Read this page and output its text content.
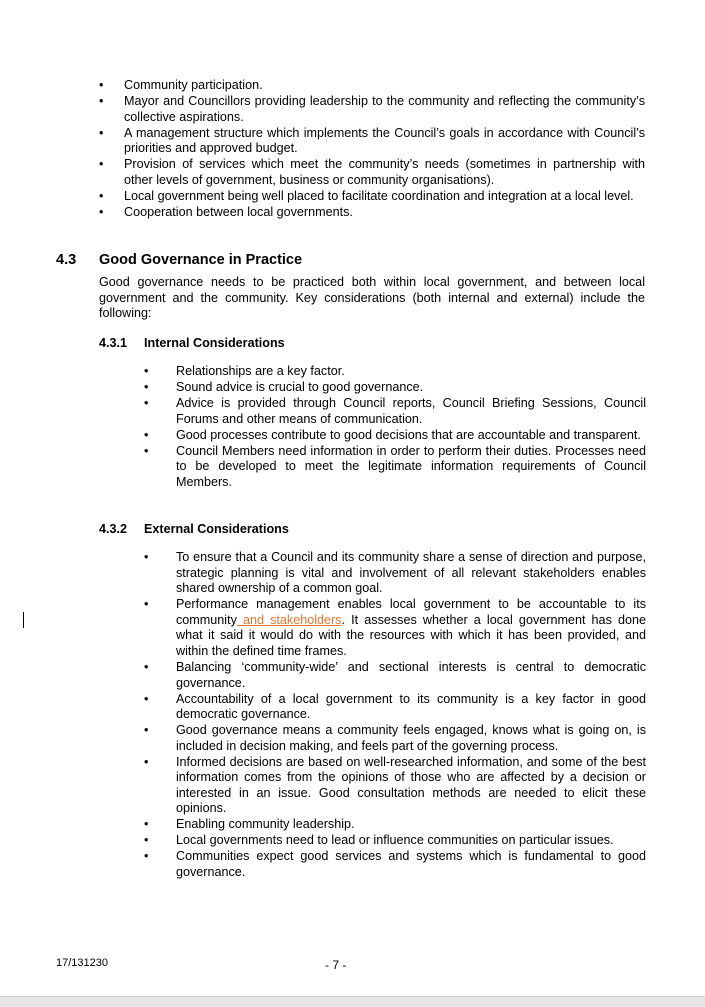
• Community participation.
• Mayor and Councillors providing leadership to the community and reflecting the community’s collective aspirations.
• A management structure which implements the Council’s goals in accordance with Council’s priorities and approved budget.
• Provision of services which meet the community’s needs (sometimes in partnership with other levels of government, business or community organisations).
• Local government being well placed to facilitate coordination and integration at a local level.
• Cooperation between local governments.
4.3 Good Governance in Practice

Good governance needs to be practiced both within local government, and between local government and the community. Key considerations (both internal and external) include the following:

4.3.1 Internal Considerations
• Relationships are a key factor.
• Sound advice is crucial to good governance.
• Advice is provided through Council reports, Council Briefing Sessions, Council Forums and other means of communication.
• Good processes contribute to good decisions that are accountable and transparent.
• Council Members need information in order to perform their duties. Processes need to be developed to meet the legitimate information requirements of Council Members.
4.3.2 External Considerations
• To ensure that a Council and its community share a sense of direction and purpose, strategic planning is vital and involvement of all relevant stakeholders enables shared ownership of a common goal.
• Performance management enables local government to be accountable to its community and stakeholders. It assesses whether a local government has done what it said it would do with the resources with which it has been provided, and within the defined time frames.
• Balancing ‘community-wide’ and sectional interests is central to democratic governance.
• Accountability of a local government to its community is a key factor in good democratic governance.
• Good governance means a community feels engaged, knows what is going on, is included in decision making, and feels part of the governing process.
• Informed decisions are based on well-researched information, and some of the best information comes from the opinions of those who are affected by a decision or interested in an issue. Good consultation methods are needed to elicit these opinions.
• Enabling community leadership.
• Local governments need to lead or influence communities on particular issues.
• Communities expect good services and systems which is fundamental to good governance.
17/131230	- 7 -
